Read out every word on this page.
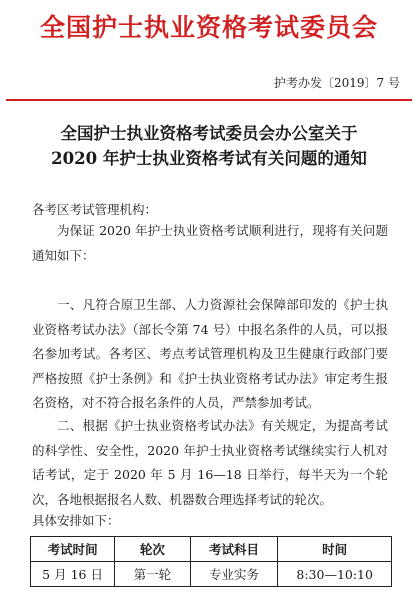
全国护士执业资格考试委员会
护考办发〔2019〕7 号
全国护士执业资格考试委员会办公室关于
2020 年护士执业资格考试有关问题的通知
各考区考试管理机构：

为保证 2020 年护士执业资格考试顺利进行，现将有关问题通知如下：

一、凡符合原卫生部、人力资源社会保障部印发的《护士执业资格考试办法》（部长令第 74 号）中报名条件的人员，可以报名参加考试。各考区、考点考试管理机构及卫生健康行政部门要严格按照《护士条例》和《护士执业资格考试办法》审定考生报名资格，对不符合报名条件的人员，严禁参加考试。

二、根据《护士执业资格考试办法》有关规定，为提高考试的科学性、安全性，2020 年护士执业资格考试继续实行人机对话考试，定于 2020 年 5 月 16—18 日举行，每半天为一个轮次，各地根据报名人数、机器数合理选择考试的轮次。

具体安排如下：
考试时间	轮次	考试科目	时间
5 月 16 日	第一轮	专业实务	8:30—10:10
